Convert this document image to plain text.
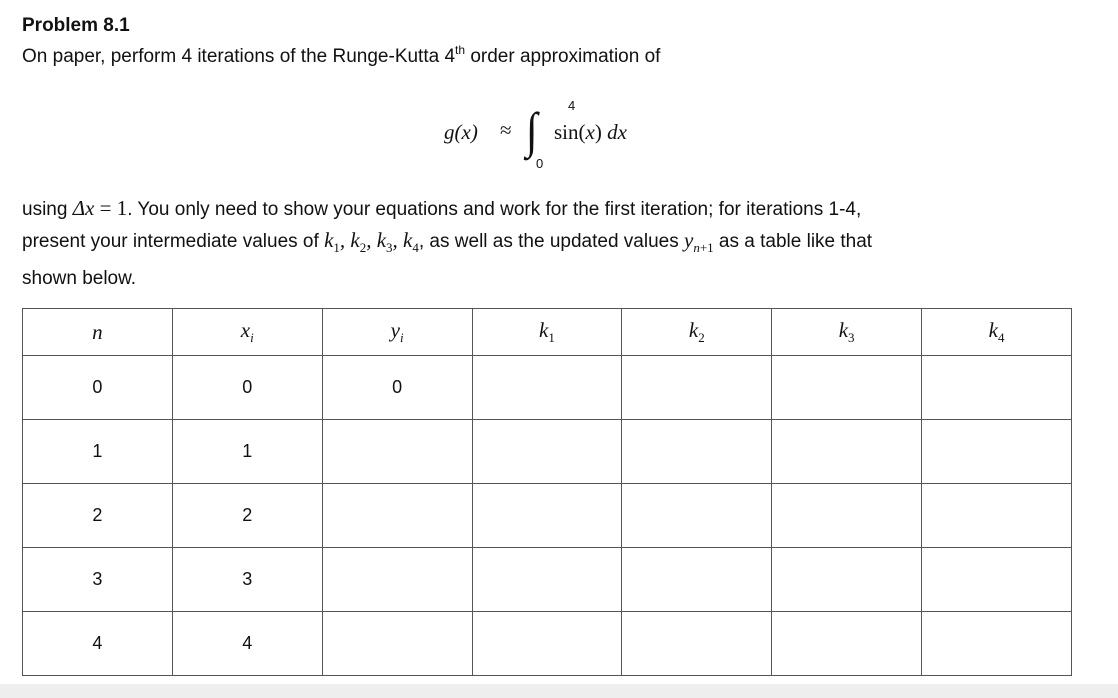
Problem 8.1
On paper, perform 4 iterations of the Runge-Kutta 4th order approximation of
g(x) ≈ ∫ 4
0
sin(x) dx
using Δx = 1. You only need to show your equations and work for the first iteration; for iterations 1-4,
present your intermediate values of $k_1$, $k_2$, $k_3$, $k_4$, as well as the updated values $y_{n+1}$ as a table like that
shown below.
n	$x_i$	$y_i$	$k_1$	$k_2$	$k_3$	$k_4$
0	0	0				
1	1					
2	2					
3	3					
4	4					
